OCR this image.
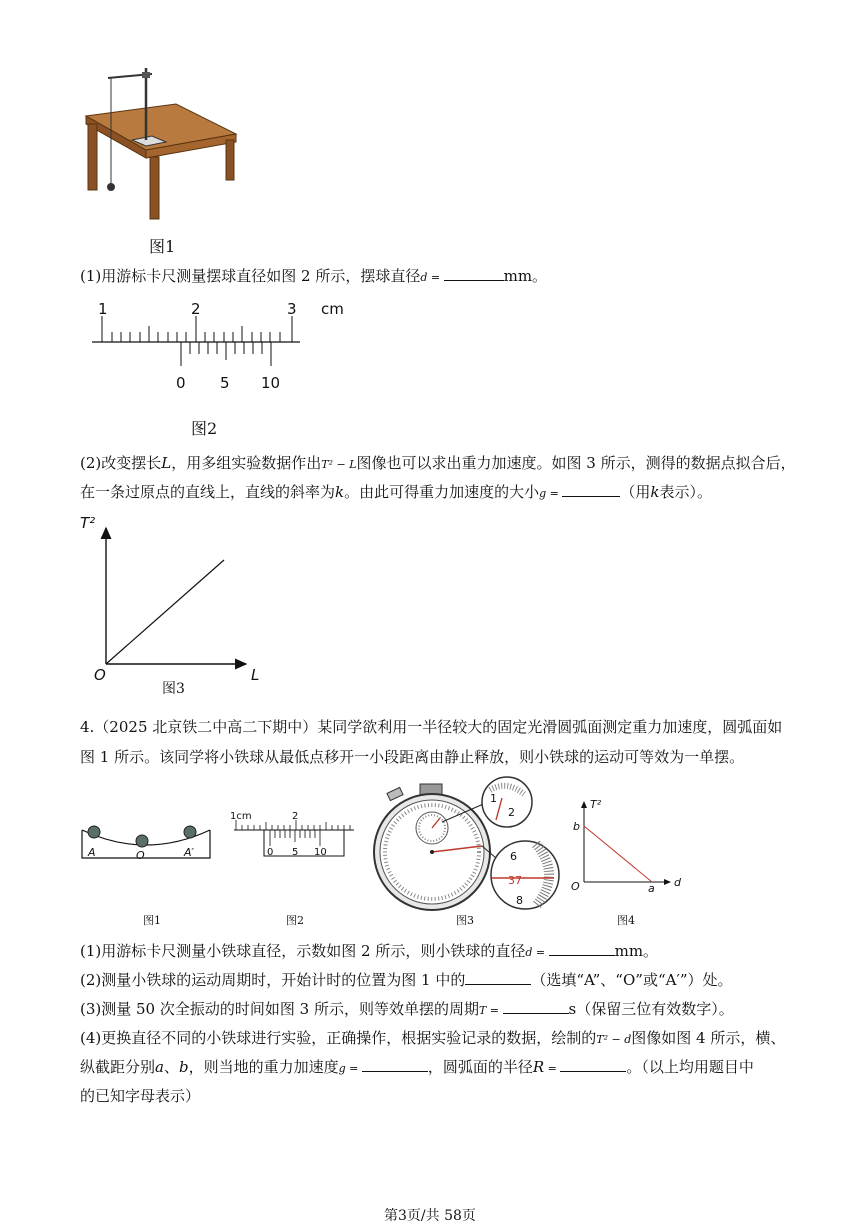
图1
(1)用游标卡尺测量摆球直径如图 2 所示，摆球直径d =	mm。
1	2	3 cm
0 5 10
图2
(2)改变摆长L，用多组实验数据作出T² − L图像也可以求出重力加速度。如图 3 所示，测得的数据点拟合后，
在一条过原点的直线上，直线的斜率为k。由此可得重力加速度的大小g =	（用k表示）。
T²
O	L
图3
4.（2025 北京铁二中高二下期中）某同学欲利用一半径较大的固定光滑圆弧面测定重力加速度，圆弧面如
图 1 所示。该同学将小铁球从最低点移开一小段距离由静止释放，则小铁球的运动可等效为一单摆。
A	O	A′
1cm	2
0 5 10
1
2
6
37
8
T²
b
O	a d
图1	图2	图3	图4
(1)用游标卡尺测量小铁球直径，示数如图 2 所示，则小铁球的直径d =	mm。
(2)测量小铁球的运动周期时，开始计时的位置为图 1 中的	（选填“A”、“O”或“A′”）处。
(3)测量 50 次全振动的时间如图 3 所示，则等效单摆的周期T =	s（保留三位有效数字）。
(4)更换直径不同的小铁球进行实验，正确操作，根据实验记录的数据，绘制的T² − d图像如图 4 所示，横、
纵截距分别a、b，则当地的重力加速度g =	，圆弧面的半径R =	。（以上均用题目中
的已知字母表示）
第3页/共 58页
